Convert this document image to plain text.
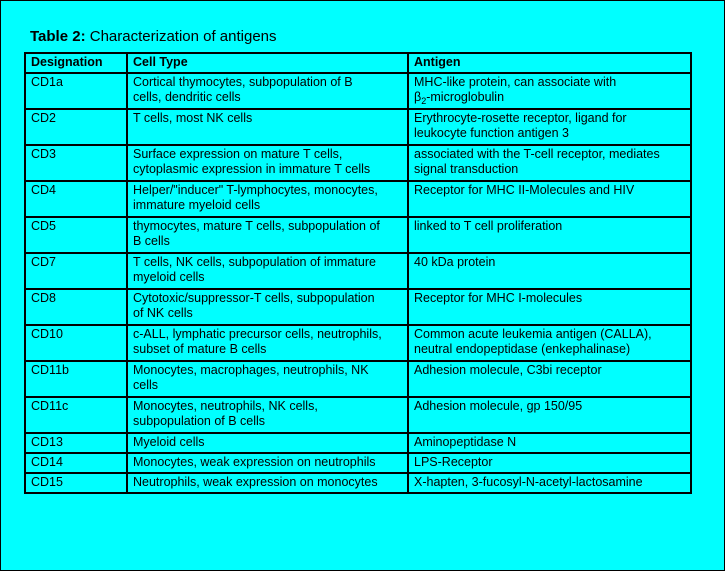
Table 2: Characterization of antigens
Designation	Cell Type	Antigen
CD1a	Cortical thymocytes, subpopulation of B
cells, dendritic cells	MHC-like protein, can associate with
$\beta_2$-microglobulin

CD2	T cells, most NK cells	Erythrocyte-rosette receptor, ligand for
leukocyte function antigen 3

CD3	Surface expression on mature T cells,
cytoplasmic expression in immature T cells	associated with the T-cell receptor, mediates
signal transduction

CD4	Helper/"inducer" T-lymphocytes, monocytes,
immature myeloid cells	Receptor for MHC II-Molecules and HIV

CD5	thymocytes, mature T cells, subpopulation of
B cells	linked to T cell proliferation

CD7	T cells, NK cells, subpopulation of immature
myeloid cells	40 kDa protein

CD8	Cytotoxic/suppressor-T cells, subpopulation
of NK cells	Receptor for MHC I-molecules

CD10	c-ALL, lymphatic precursor cells, neutrophils,
subset of mature B cells	Common acute leukemia antigen (CALLA),
neutral endopeptidase (enkephalinase)

CD11b	Monocytes, macrophages, neutrophils, NK
cells	Adhesion molecule, C3bi receptor

CD11c	Monocytes, neutrophils, NK cells,
subpopulation of B cells	Adhesion molecule, gp 150/95

CD13	Myeloid cells	Aminopeptidase N

CD14	Monocytes, weak expression on neutrophils	LPS-Receptor

CD15	Neutrophils, weak expression on monocytes	X-hapten, 3-fucosyl-N-acetyl-lactosamine
